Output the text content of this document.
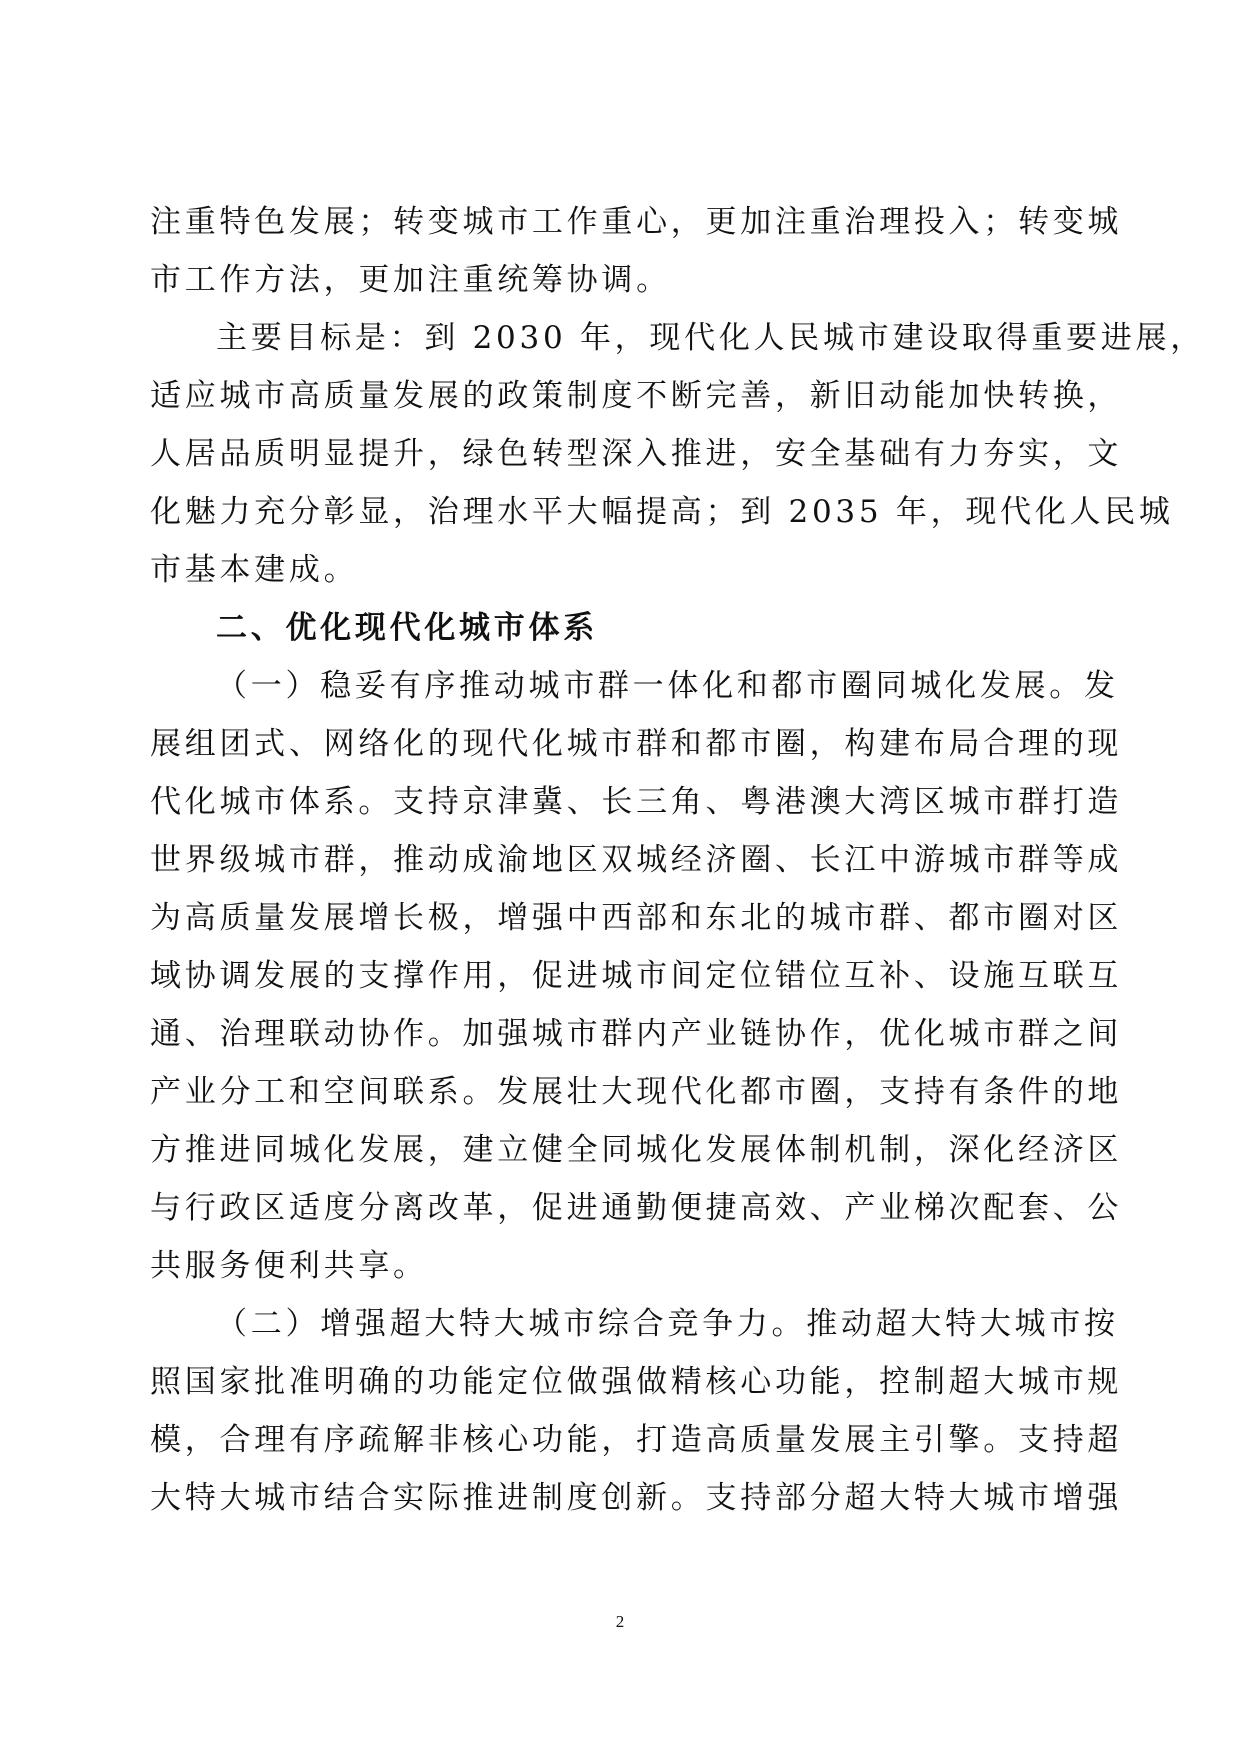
注重特色发展；转变城市工作重心，更加注重治理投入；转变城
市工作方法，更加注重统筹协调。
主要目标是：到 2030 年，现代化人民城市建设取得重要进展，
适应城市高质量发展的政策制度不断完善，新旧动能加快转换，
人居品质明显提升，绿色转型深入推进，安全基础有力夯实，文
化魅力充分彰显，治理水平大幅提高；到 2035 年，现代化人民城
市基本建成。
二、优化现代化城市体系
（一）稳妥有序推动城市群一体化和都市圈同城化发展。发
展组团式、网络化的现代化城市群和都市圈，构建布局合理的现
代化城市体系。支持京津冀、长三角、粤港澳大湾区城市群打造
世界级城市群，推动成渝地区双城经济圈、长江中游城市群等成
为高质量发展增长极，增强中西部和东北的城市群、都市圈对区
域协调发展的支撑作用，促进城市间定位错位互补、设施互联互
通、治理联动协作。加强城市群内产业链协作，优化城市群之间
产业分工和空间联系。发展壮大现代化都市圈，支持有条件的地
方推进同城化发展，建立健全同城化发展体制机制，深化经济区
与行政区适度分离改革，促进通勤便捷高效、产业梯次配套、公
共服务便利共享。
（二）增强超大特大城市综合竞争力。推动超大特大城市按
照国家批准明确的功能定位做强做精核心功能，控制超大城市规
模，合理有序疏解非核心功能，打造高质量发展主引擎。支持超
大特大城市结合实际推进制度创新。支持部分超大特大城市增强
2
